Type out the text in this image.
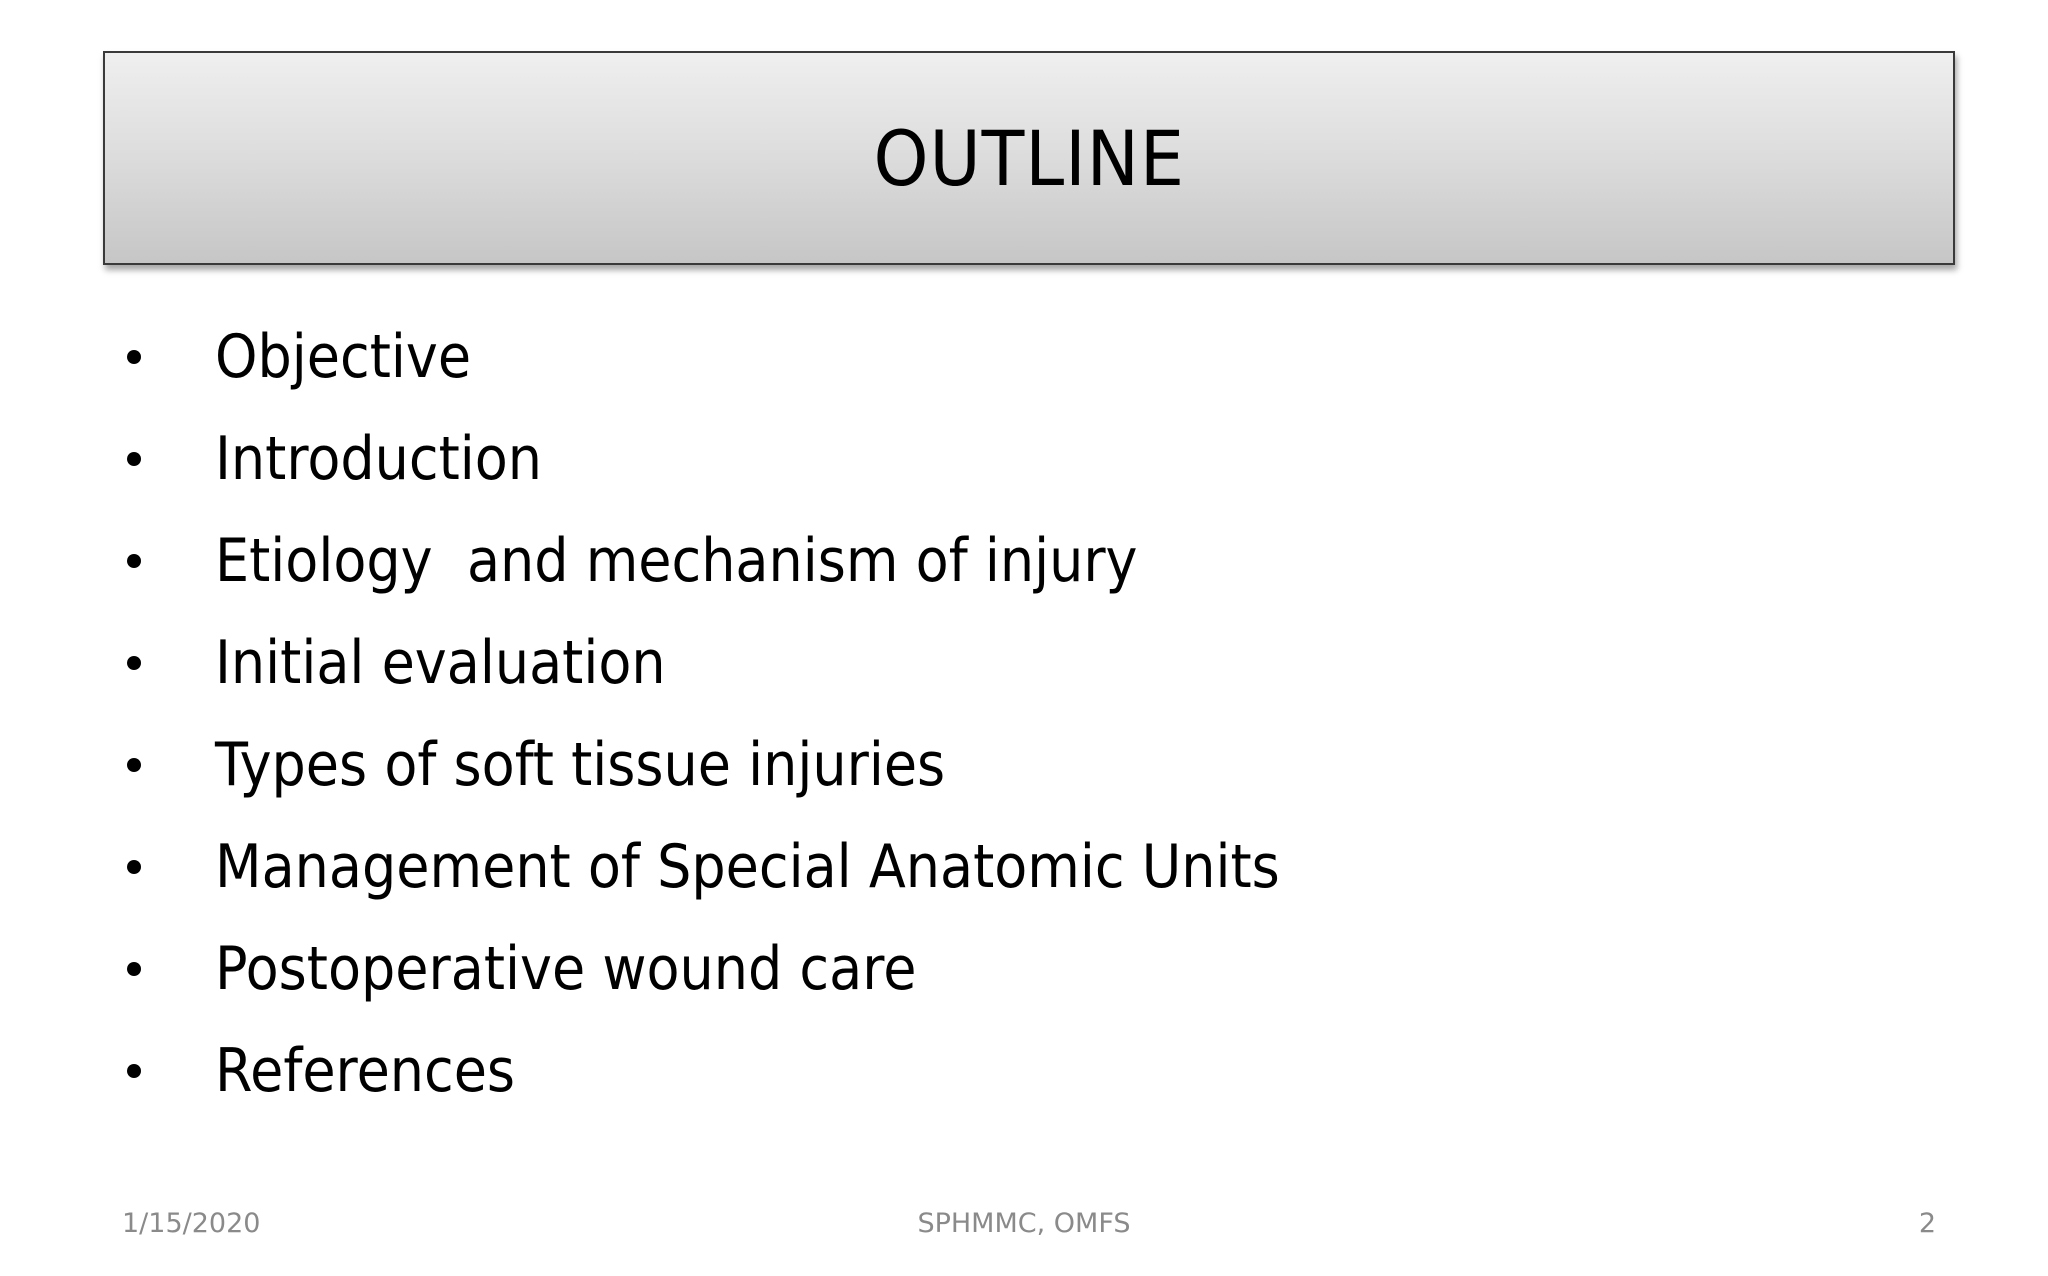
OUTLINE
Objective
Introduction
Etiology  and mechanism of injury
Initial evaluation
Types of soft tissue injuries
Management of Special Anatomic Units
Postoperative wound care
References
1/15/2020	SPHMMC, OMFS	2
